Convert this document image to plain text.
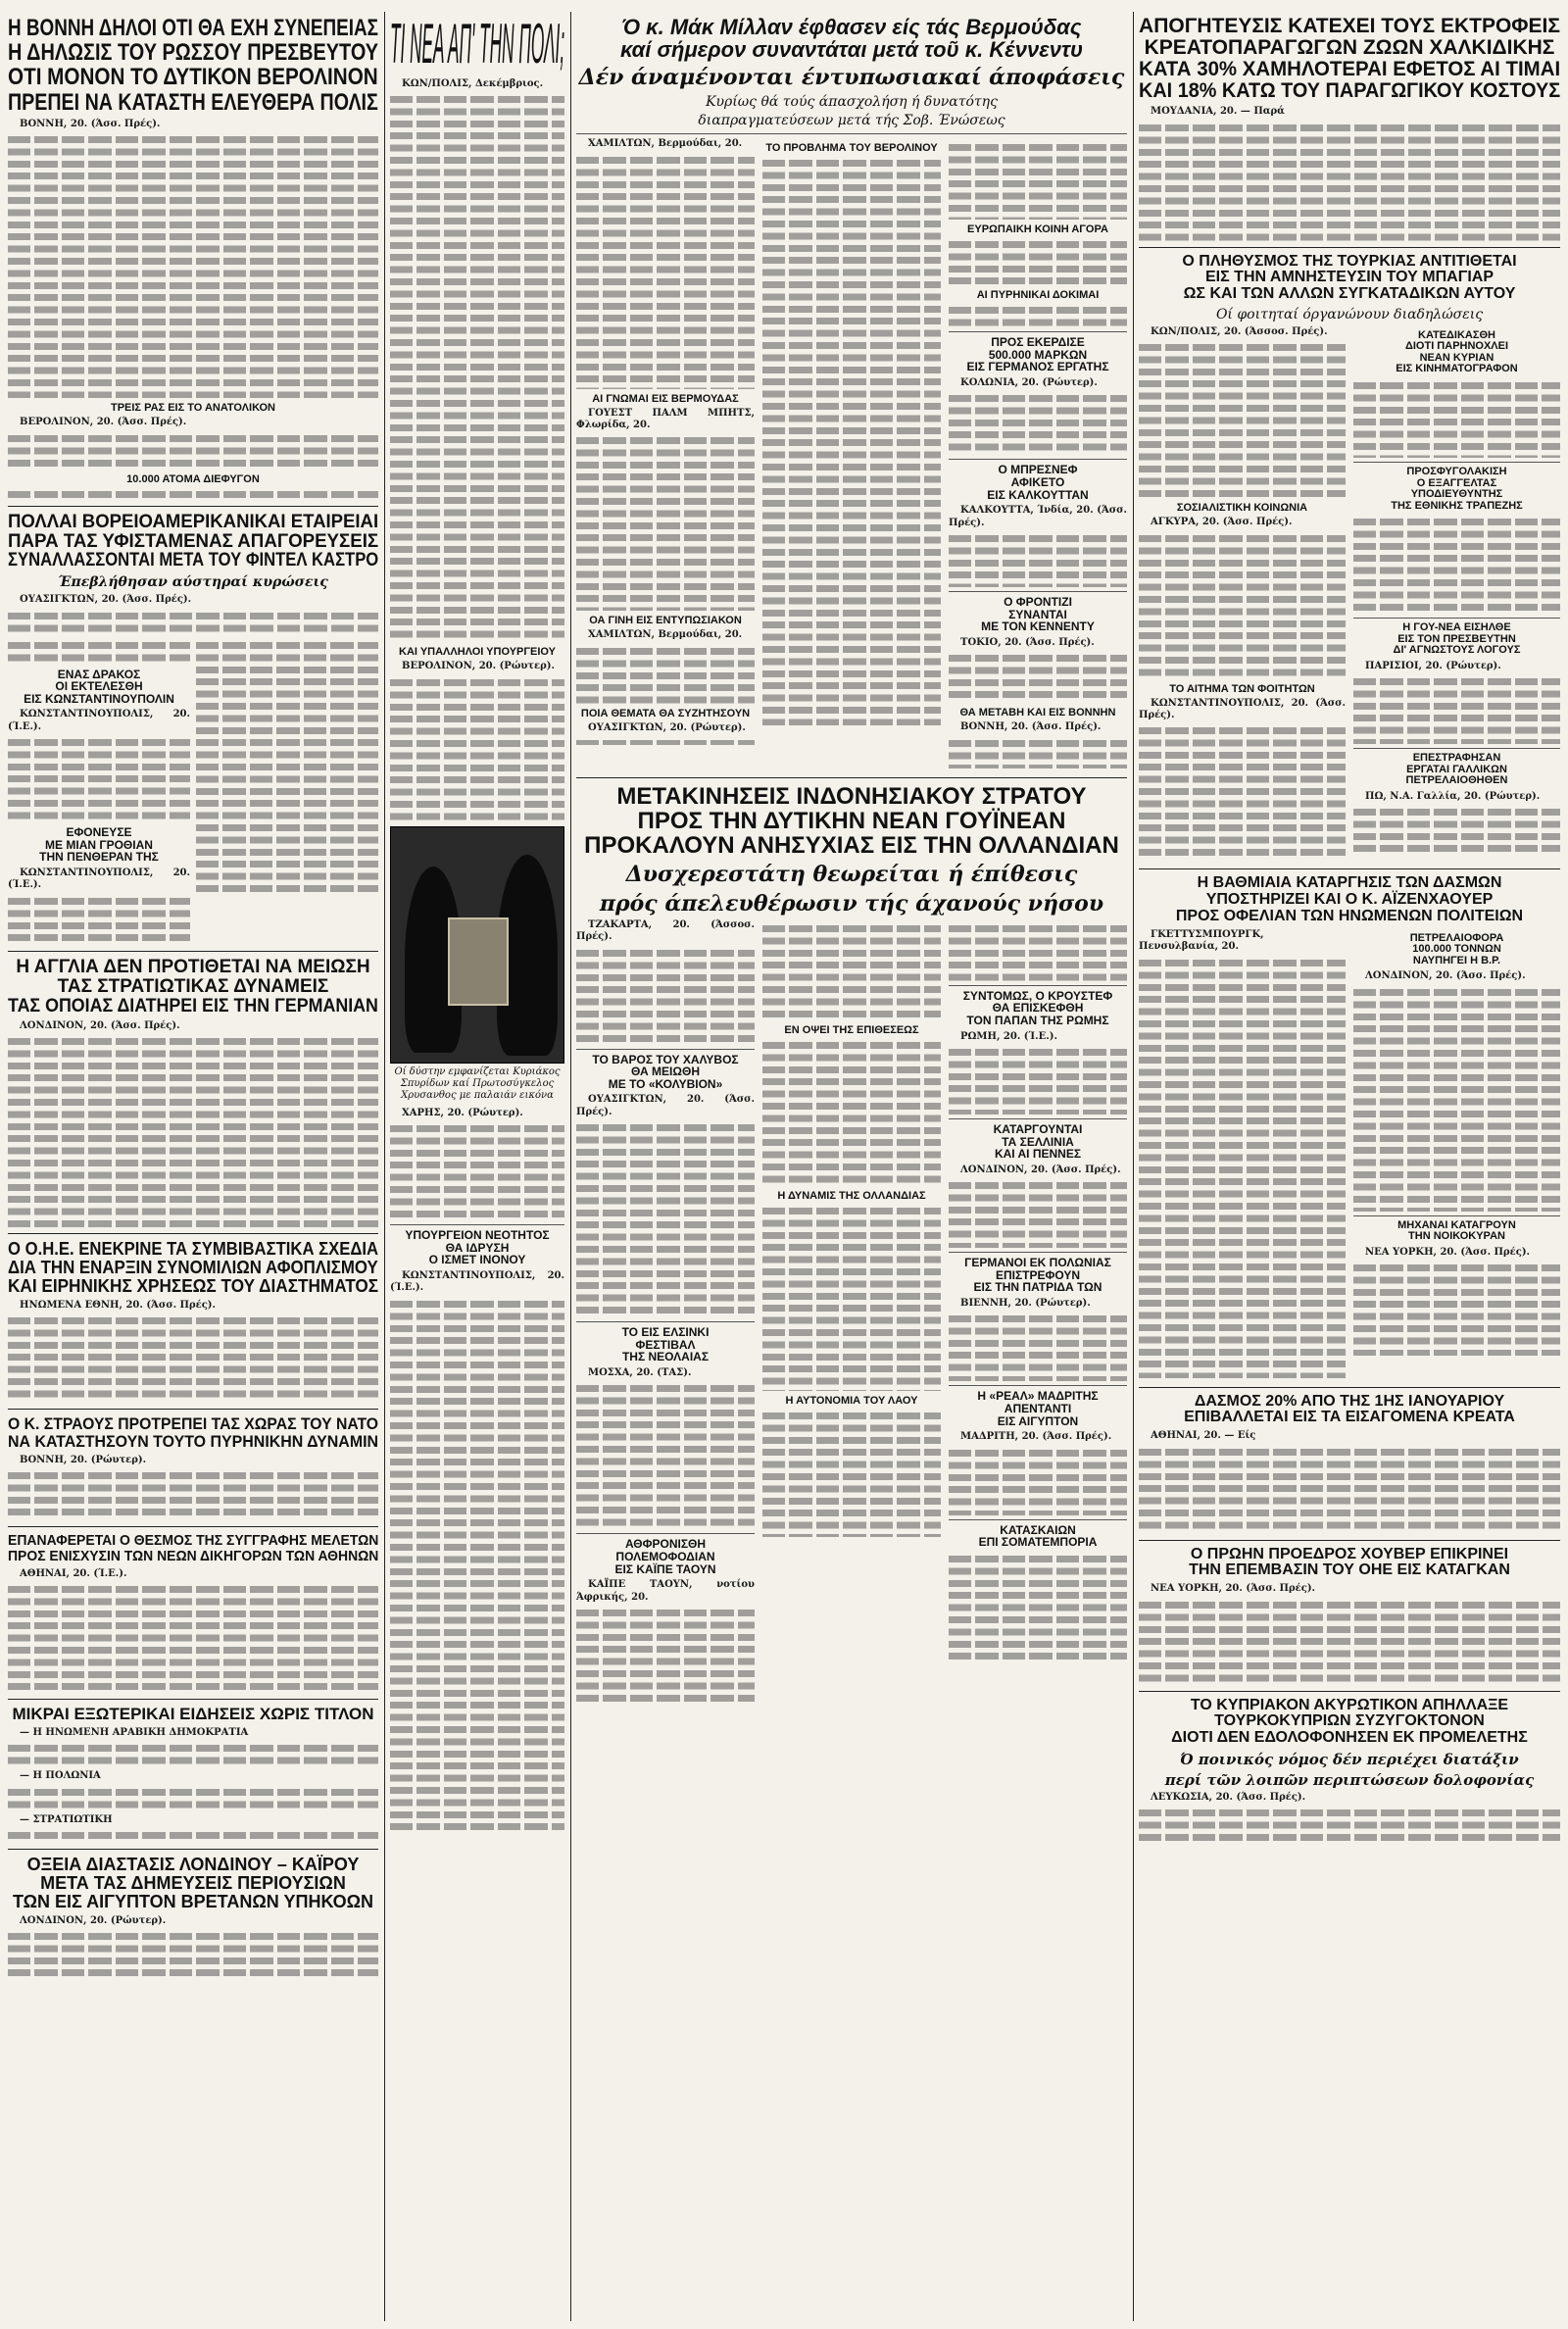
Η ΒΟΝΝΗ ΔΗΛΟΙ ΟΤΙ ΘΑ ΕΧΗ ΣΥΝΕΠΕΙΑΣ
Η ΔΗΛΩΣΙΣ ΤΟΥ ΡΩΣΣΟΥ ΠΡΕΣΒΕΥΤΟΥ
ΟΤΙ ΜΟΝΟΝ ΤΟ ΔΥΤΙΚΟΝ ΒΕΡΟΛΙΝΟΝ
ΠΡΕΠΕΙ ΝΑ ΚΑΤΑΣΤΗ ΕΛΕΥΘΕΡΑ ΠΟΛΙΣ

ΒΟΝΝΗ, 20. (Άσσ. Πρές).

ΤΡΕΙΣ ΡΑΣ ΕΙΣ ΤΟ ΑΝΑΤΟΛΙΚΟΝ

ΒΕΡΟΛΙΝΟΝ, 20. (Άσσ. Πρές).

10.000 ΑΤΟΜΑ ΔΙΕΦΥΓΟΝ
ΠΟΛΛΑΙ ΒΟΡΕΙΟΑΜΕΡΙΚΑΝΙΚΑΙ ΕΤΑΙΡΕΙΑΙ
ΠΑΡΑ ΤΑΣ ΥΦΙΣΤΑΜΕΝΑΣ ΑΠΑΓΟΡΕΥΣΕΙΣ
ΣΥΝΑΛΛΑΣΣΟΝΤΑΙ ΜΕΤΑ ΤΟΥ ΦΙΝΤΕΛ ΚΑΣΤΡΟ
Έπεβλήθησαν αύστηραί κυρώσεις

ΟΥΑΣΙΓΚΤΩΝ, 20. (Άσσ. Πρές).

ΕΝΑΣ ΔΡΑΚΟΣ
ΟΙ ΕΚΤΕΛΕΣΘΗ
ΕΙΣ ΚΩΝΣΤΑΝΤΙΝΟΥΠΟΛΙΝ

ΚΩΝΣΤΑΝΤΙΝΟΥΠΟΛΙΣ, 20. (Ί.Ε.).

ΕΦΟΝΕΥΣΕ
ΜΕ ΜΙΑΝ ΓΡΟΘΙΑΝ
ΤΗΝ ΠΕΝΘΕΡΑΝ ΤΗΣ

ΚΩΝΣΤΑΝΤΙΝΟΥΠΟΛΙΣ, 20. (Ί.Ε.).

Η ΑΓΓΛΙΑ ΔΕΝ ΠΡΟΤΙΘΕΤΑΙ ΝΑ ΜΕΙΩΣΗ
ΤΑΣ ΣΤΡΑΤΙΩΤΙΚΑΣ ΔΥΝΑΜΕΙΣ
ΤΑΣ ΟΠΟΙΑΣ ΔΙΑΤΗΡΕΙ ΕΙΣ ΤΗΝ ΓΕΡΜΑΝΙΑΝ

ΛΟΝΔΙΝΟΝ, 20. (Άσσ. Πρές).

Ο Ο.Η.Ε. ΕΝΕΚΡΙΝΕ ΤΑ ΣΥΜΒΙΒΑΣΤΙΚΑ ΣΧΕΔΙΑ
ΔΙΑ ΤΗΝ ΕΝΑΡΞΙΝ ΣΥΝΟΜΙΛΙΩΝ ΑΦΟΠΛΙΣΜΟΥ
ΚΑΙ ΕΙΡΗΝΙΚΗΣ ΧΡΗΣΕΩΣ ΤΟΥ ΔΙΑΣΤΗΜΑΤΟΣ

ΗΝΩΜΕΝΑ ΕΘΝΗ, 20. (Άσσ. Πρές).

Ο Κ. ΣΤΡΑΟΥΣ ΠΡΟΤΡΕΠΕΙ ΤΑΣ ΧΩΡΑΣ ΤΟΥ ΝΑΤΟ
ΝΑ ΚΑΤΑΣΤΗΣΟΥΝ ΤΟΥΤΟ ΠΥΡΗΝΙΚΗΝ ΔΥΝΑΜΙΝ

ΒΟΝΝΗ, 20. (Ρώυτερ).

ΕΠΑΝΑΦΕΡΕΤΑΙ Ο ΘΕΣΜΟΣ ΤΗΣ ΣΥΓΓΡΑΦΗΣ ΜΕΛΕΤΩΝ
ΠΡΟΣ ΕΝΙΣΧΥΣΙΝ ΤΩΝ ΝΕΩΝ ΔΙΚΗΓΟΡΩΝ ΤΩΝ ΑΘΗΝΩΝ

ΑΘΗΝΑΙ, 20. (Ί.Ε.).

ΜΙΚΡΑΙ ΕΞΩΤΕΡΙΚΑΙ ΕΙΔΗΣΕΙΣ ΧΩΡΙΣ ΤΙΤΛΟΝ

— Η ΗΝΩΜΕΝΗ ΑΡΑΒΙΚΗ ΔΗΜΟΚΡΑΤΙΑ

— Η ΠΟΛΩΝΙΑ

— ΣΤΡΑΤΙΩΤΙΚΗ

ΟΞΕΙΑ ΔΙΑΣΤΑΣΙΣ ΛΟΝΔΙΝΟΥ – ΚΑΪΡΟΥ
ΜΕΤΑ ΤΑΣ ΔΗΜΕΥΣΕΙΣ ΠΕΡΙΟΥΣΙΩΝ
ΤΩΝ ΕΙΣ ΑΙΓΥΠΤΟΝ ΒΡΕΤΑΝΩΝ ΥΠΗΚΟΩΝ

ΛΟΝΔΙΝΟΝ, 20. (Ρώυτερ).

ΤΙ ΝΕΑ ΑΠ' ΤΗΝ ΠΟΛΙ;

ΚΩΝ/ΠΟΛΙΣ, Δεκέμβριος.

ΚΑΙ ΥΠΑΛΛΗΛΟΙ ΥΠΟΥΡΓΕΙΟΥ

ΒΕΡΟΛΙΝΟΝ, 20. (Ρώυτερ).

Οί δύστην εμφανίζεται Κυριάκος Σπυρίδων καί Πρωτοσύγκελος Χρυσανθος με παλαιάν εικόνα

ΧΑΡΗΣ, 20. (Ρώυτερ).

ΥΠΟΥΡΓΕΙΟΝ ΝΕΟΤΗΤΟΣ
ΘΑ ΙΔΡΥΣΗ
Ο ΙΣΜΕΤ ΙΝΟΝΟΥ

ΚΩΝΣΤΑΝΤΙΝΟΥΠΟΛΙΣ, 20. (Ί.Ε.).

Ό κ. Μάκ Μίλλαν έφθασεν είς τάς Βερμούδας
καί σήμερον συναντάται μετά τοῦ κ. Κέννεντυ
Δέν άναμένονται έντυπωσιακαί άποφάσεις
Κυρίως θά τούς άπασχολήση ή δυνατότης
διαπραγματεύσεων μετά τής Σοβ. Ένώσεως

ΧΑΜΙΛΤΩΝ, Βερμούδαι, 20.

ΑΙ ΓΝΩΜΑΙ ΕΙΣ ΒΕΡΜΟΥΔΑΣ

ΓΟΥΕΣΤ ΠΑΛΜ ΜΠΗΤΣ, Φλωρίδα, 20.

ΟΑ ΓΙΝΗ ΕΙΣ ΕΝΤΥΠΩΣΙΑΚΟΝ

ΧΑΜΙΛΤΩΝ, Βερμούδαι, 20.

ΠΟΙΑ ΘΕΜΑΤΑ ΘΑ ΣΥΖΗΤΗΣΟΥΝ

ΟΥΑΣΙΓΚΤΩΝ, 20. (Ρώυτερ).

ΤΟ ΠΡΟΒΛΗΜΑ ΤΟΥ ΒΕΡΟΛΙΝΟΥ
ΕΥΡΩΠΑΙΚΗ ΚΟΙΝΗ ΑΓΟΡΑ
ΑΙ ΠΥΡΗΝΙΚΑΙ ΔΟΚΙΜΑΙ
ΠΡΟΣ ΕΚΕΡΔΙΣΕ
500.000 ΜΑΡΚΩΝ
ΕΙΣ ΓΕΡΜΑΝΟΣ ΕΡΓΑΤΗΣ

ΚΟΛΩΝΙΑ, 20. (Ρώυτερ).

Ο ΜΠΡΕΣΝΕΦ
ΑΦΙΚΕΤΟ
ΕΙΣ ΚΑΛΚΟΥΤΤΑΝ

ΚΑΛΚΟΥΤΤΑ, Ίνδία, 20. (Άσσ. Πρές).

Ο ΦΡΟΝΤΙΖΙ
ΣΥΝΑΝΤΑΙ
ΜΕ ΤΟΝ ΚΕΝΝΕΝΤΥ

ΤΟΚΙΟ, 20. (Άσσ. Πρές).

ΘΑ ΜΕΤΑΒΗ ΚΑΙ ΕΙΣ ΒΟΝΝΗΝ

ΒΟΝΝΗ, 20. (Άσσ. Πρές).

ΜΕΤΑΚΙΝΗΣΕΙΣ ΙΝΔΟΝΗΣΙΑΚΟΥ ΣΤΡΑΤΟΥ
ΠΡΟΣ ΤΗΝ ΔΥΤΙΚΗΝ ΝΕΑΝ ΓΟΥΪΝΕΑΝ
ΠΡΟΚΑΛΟΥΝ ΑΝΗΣΥΧΙΑΣ ΕΙΣ ΤΗΝ ΟΛΛΑΝΔΙΑΝ
Δυσχερεστάτη θεωρείται ή έπίθεσις
πρός άπελευθέρωσιν τής άχανούς νήσου

ΤΖΑΚΑΡΤΑ, 20. (Άσσοσ. Πρές).

ΤΟ ΒΑΡΟΣ ΤΟΥ ΧΑΛΥΒΟΣ
ΘΑ ΜΕΙΩΘΗ
ΜΕ ΤΟ «ΚΟΛΥΒΙΟΝ»

ΟΥΑΣΙΓΚΤΩΝ, 20. (Άσσ. Πρές).

ΤΟ ΕΙΣ ΕΛΣΙΝΚΙ
ΦΕΣΤΙΒΑΛ
ΤΗΣ ΝΕΟΛΑΙΑΣ

ΜΟΣΧΑ, 20. (ΤΑΣ).

ΑΘΦΡΟΝΙΣΘΗ
ΠΟΛΕΜΟΦΟΔΙΑΝ
ΕΙΣ ΚΑΪΠΕ ΤΑΟΥΝ

ΚΑΪΠΕ ΤΑΟΥΝ, νοτίου Άφρικής, 20.

ΕΝ ΟΨΕΙ ΤΗΣ ΕΠΙΘΕΣΕΩΣ
Η ΔΥΝΑΜΙΣ ΤΗΣ ΟΛΛΑΝΔΙΑΣ
Η ΑΥΤΟΝΟΜΙΑ ΤΟΥ ΛΑΟΥ
ΣΥΝΤΟΜΩΣ, Ο ΚΡΟΥΣΤΕΦ
ΘΑ ΕΠΙΣΚΕΦΘΗ
ΤΟΝ ΠΑΠΑΝ ΤΗΣ ΡΩΜΗΣ

ΡΩΜΗ, 20. (Ί.Ε.).

ΚΑΤΑΡΓΟΥΝΤΑΙ
ΤΑ ΣΕΛΛΙΝΙΑ
ΚΑΙ ΑΙ ΠΕΝΝΕΣ

ΛΟΝΔΙΝΟΝ, 20. (Άσσ. Πρές).

ΓΕΡΜΑΝΟΙ ΕΚ ΠΟΛΩΝΙΑΣ
ΕΠΙΣΤΡΕΦΟΥΝ
ΕΙΣ ΤΗΝ ΠΑΤΡΙΔΑ ΤΩΝ

ΒΙΕΝΝΗ, 20. (Ρώυτερ).

Η «ΡΕΑΛ» ΜΑΔΡΙΤΗΣ
ΑΠΕΝΤΑΝΤΙ
ΕΙΣ ΑΙΓΥΠΤΟΝ

ΜΑΔΡΙΤΗ, 20. (Άσσ. Πρές).

ΚΑΤΑΣΚΑΙΩΝ
ΕΠΙ ΣΟΜΑΤΕΜΠΟΡΙΑ
ΑΠΟΓΗΤΕΥΣΙΣ ΚΑΤΕΧΕΙ ΤΟΥΣ ΕΚΤΡΟΦΕΙΣ
ΚΡΕΑΤΟΠΑΡΑΓΩΓΩΝ ΖΩΩΝ ΧΑΛΚΙΔΙΚΗΣ
ΚΑΤΑ 30% ΧΑΜΗΛΟΤΕΡΑΙ ΕΦΕΤΟΣ ΑΙ ΤΙΜΑΙ
ΚΑΙ 18% ΚΑΤΩ ΤΟΥ ΠΑΡΑΓΩΓΙΚΟΥ ΚΟΣΤΟΥΣ

ΜΟΥΔΑΝΙΑ, 20. — Παρά

Ο ΠΛΗΘΥΣΜΟΣ ΤΗΣ ΤΟΥΡΚΙΑΣ ΑΝΤΙΤΙΘΕΤΑΙ
ΕΙΣ ΤΗΝ ΑΜΝΗΣΤΕΥΣΙΝ ΤΟΥ ΜΠΑΓΙΑΡ
ΩΣ ΚΑΙ ΤΩΝ ΑΛΛΩΝ ΣΥΓΚΑΤΑΔΙΚΩΝ ΑΥΤΟΥ
Οί φοιτηταί όργανώνουν διαδηλώσεις

ΚΩΝ/ΠΟΛΙΣ, 20. (Άσσοσ. Πρές).

ΣΟΣΙΑΛΙΣΤΙΚΗ ΚΟΙΝΩΝΙΑ

ΑΓΚΥΡΑ, 20. (Άσσ. Πρές).

ΤΟ ΑΙΤΗΜΑ ΤΩΝ ΦΟΙΤΗΤΩΝ

ΚΩΝΣΤΑΝΤΙΝΟΥΠΟΛΙΣ, 20. (Άσσ. Πρές).

ΚΑΤΕΔΙΚΑΣΘΗ
ΔΙΟΤΙ ΠΑΡΗΝΟΧΛΕΙ
ΝΕΑΝ ΚΥΡΙΑΝ
ΕΙΣ ΚΙΝΗΜΑΤΟΓΡΑΦΟΝ
ΠΡΟΣΦΥΓΟΛΑΚΙΣΗ
Ο ΕΞΑΓΓΕΛΤΑΣ
ΥΠΟΔΙΕΥΘΥΝΤΗΣ
ΤΗΣ ΕΘΝΙΚΗΣ ΤΡΑΠΕΖΗΣ
Η ΓΟΥ-ΝΕΑ ΕΙΣΗΛΘΕ
ΕΙΣ ΤΟΝ ΠΡΕΣΒΕΥΤΗΝ
ΔΙ' ΑΓΝΩΣΤΟΥΣ ΛΟΓΟΥΣ

ΠΑΡΙΣΙΟΙ, 20. (Ρώυτερ).

ΕΠΕΣΤΡΑΦΗΣΑΝ
ΕΡΓΑΤΑΙ ΓΑΛΛΙΚΩΝ
ΠΕΤΡΕΛΑΙΟΘΗΘΕΝ

ΠΩ, Ν.Α. Γαλλία, 20. (Ρώυτερ).

Η ΒΑΘΜΙΑΙΑ ΚΑΤΑΡΓΗΣΙΣ ΤΩΝ ΔΑΣΜΩΝ
ΥΠΟΣΤΗΡΙΖΕΙ ΚΑΙ Ο Κ. ΑΪΖΕΝΧΑΟΥΕΡ
ΠΡΟΣ ΟΦΕΛΙΑΝ ΤΩΝ ΗΝΩΜΕΝΩΝ ΠΟΛΙΤΕΙΩΝ

ΓΚΕΤΤΥΣΜΠΟΥΡΓΚ, Πενσυλβανία, 20.

ΠΕΤΡΕΛΑΙΟΦΟΡΑ
100.000 ΤΟΝΝΩΝ
ΝΑΥΠΗΓΕΙ Η Β.Ρ.

ΛΟΝΔΙΝΟΝ, 20. (Άσσ. Πρές).

ΜΗΧΑΝΑΙ ΚΑΤΑΓΡΟΥΝ
ΤΗΝ ΝΟΙΚΟΚΥΡΑΝ

ΝΕΑ ΥΟΡΚΗ, 20. (Άσσ. Πρές).

ΔΑΣΜΟΣ 20% ΑΠΟ ΤΗΣ 1ΗΣ ΙΑΝΟΥΑΡΙΟΥ
ΕΠΙΒΑΛΛΕΤΑΙ ΕΙΣ ΤΑ ΕΙΣΑΓΟΜΕΝΑ ΚΡΕΑΤΑ

ΑΘΗΝΑΙ, 20. — Είς

Ο ΠΡΩΗΝ ΠΡΟΕΔΡΟΣ ΧΟΥΒΕΡ ΕΠΙΚΡΙΝΕΙ
ΤΗΝ ΕΠΕΜΒΑΣΙΝ ΤΟΥ ΟΗΕ ΕΙΣ ΚΑΤΑΓΚΑΝ

ΝΕΑ ΥΟΡΚΗ, 20. (Άσσ. Πρές).

ΤΟ ΚΥΠΡΙΑΚΟΝ ΑΚΥΡΩΤΙΚΟΝ ΑΠΗΛΛΑΞΕ
ΤΟΥΡΚΟΚΥΠΡΙΩΝ ΣΥΖΥΓΟΚΤΟΝΟΝ
ΔΙΟΤΙ ΔΕΝ ΕΔΟΛΟΦΟΝΗΣΕΝ ΕΚ ΠΡΟΜΕΛΕΤΗΣ
Ό ποινικός νόμος δέν περιέχει διατάξιν
περί τῶν λοιπῶν περιπτώσεων δολοφονίας

ΛΕΥΚΩΣΙΑ, 20. (Άσσ. Πρές).
